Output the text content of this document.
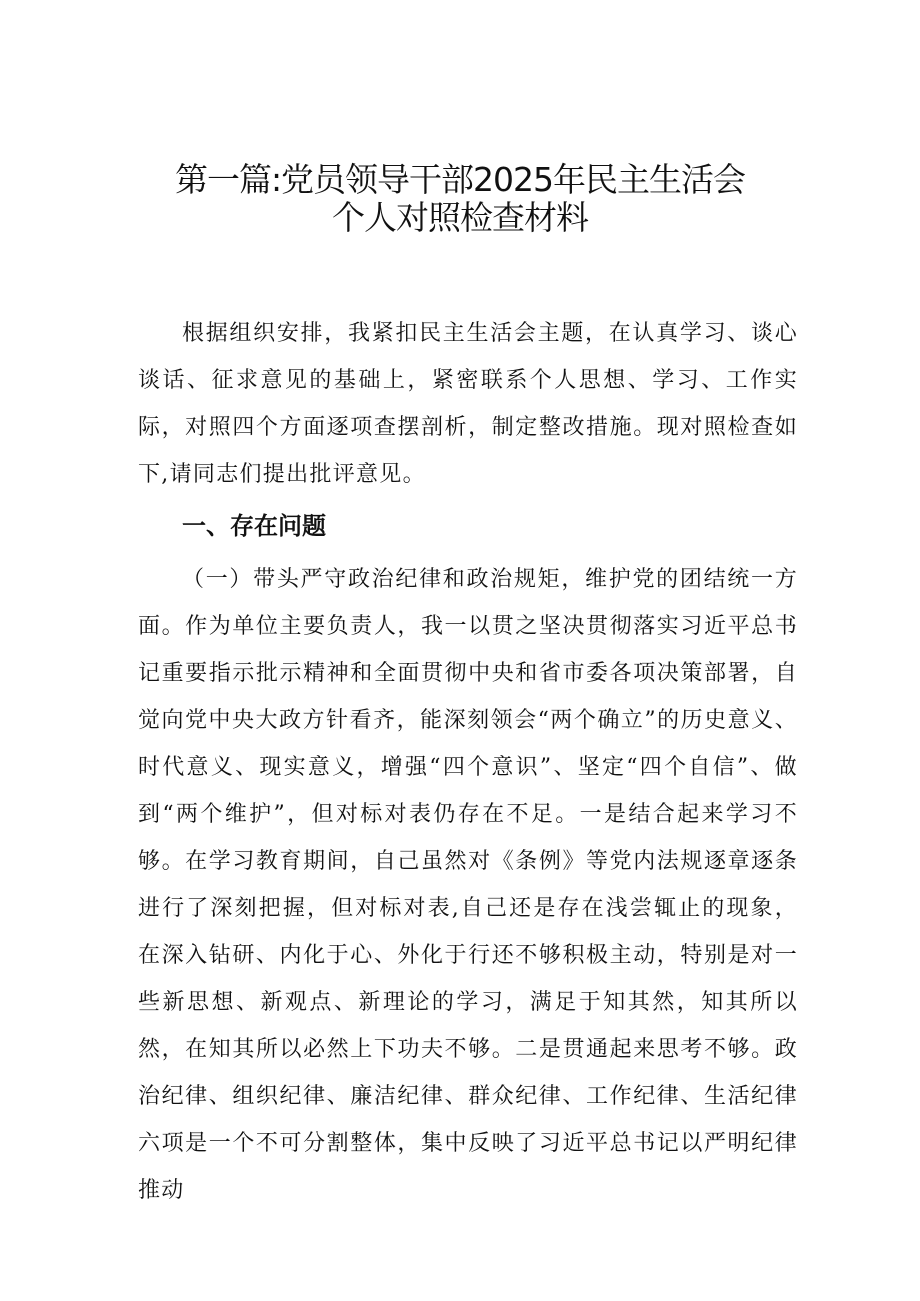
第一篇:党员领导干部2025年民主生活会
个人对照检查材料

根据组织安排，我紧扣民主生活会主题，在认真学习、谈心谈话、征求意见的基础上，紧密联系个人思想、学习、工作实际，对照四个方面逐项查摆剖析，制定整改措施。现对照检查如下,请同志们提出批评意见。

一、存在问题

（一）带头严守政治纪律和政治规矩，维护党的团结统一方面。作为单位主要负责人，我一以贯之坚决贯彻落实习近平总书记重要指示批示精神和全面贯彻中央和省市委各项决策部署，自觉向党中央大政方针看齐，能深刻领会“两个确立”的历史意义、时代意义、现实意义，增强“四个意识”、坚定“四个自信”、做到“两个维护”，但对标对表仍存在不足。一是结合起来学习不够。在学习教育期间，自己虽然对《条例》等党内法规逐章逐条进行了深刻把握，但对标对表,自己还是存在浅尝辄止的现象，在深入钻研、内化于心、外化于行还不够积极主动，特别是对一些新思想、新观点、新理论的学习，满足于知其然，知其所以然，在知其所以必然上下功夫不够。二是贯通起来思考不够。政治纪律、组织纪律、廉洁纪律、群众纪律、工作纪律、生活纪律六项是一个不可分割整体，集中反映了习近平总书记以严明纪律推动
